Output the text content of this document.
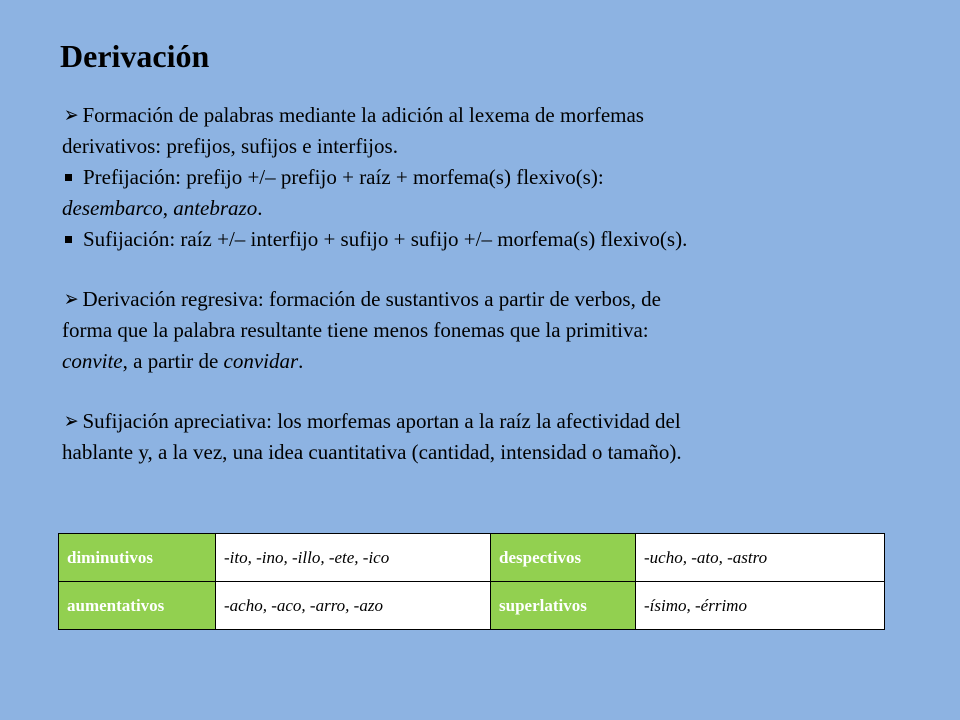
Derivación
➢ Formación de palabras mediante la adición al lexema de morfemas
derivativos: prefijos, sufijos e interfijos.
Prefijación: prefijo +/– prefijo + raíz + morfema(s) flexivo(s):
desembarco, antebrazo.
Sufijación: raíz +/– interfijo + sufijo + sufijo +/– morfema(s) flexivo(s).
➢ Derivación regresiva: formación de sustantivos a partir de verbos, de
forma que la palabra resultante tiene menos fonemas que la primitiva:
convite, a partir de convidar.
➢ Sufijación apreciativa: los morfemas aportan a la raíz la afectividad del
hablante y, a la vez, una idea cuantitativa (cantidad, intensidad o tamaño).
diminutivos	-ito, -ino, -illo, -ete, -ico	despectivos	-ucho, -ato, -astro
aumentativos	-acho, -aco, -arro, -azo	superlativos	-ísimo, -érrimo
